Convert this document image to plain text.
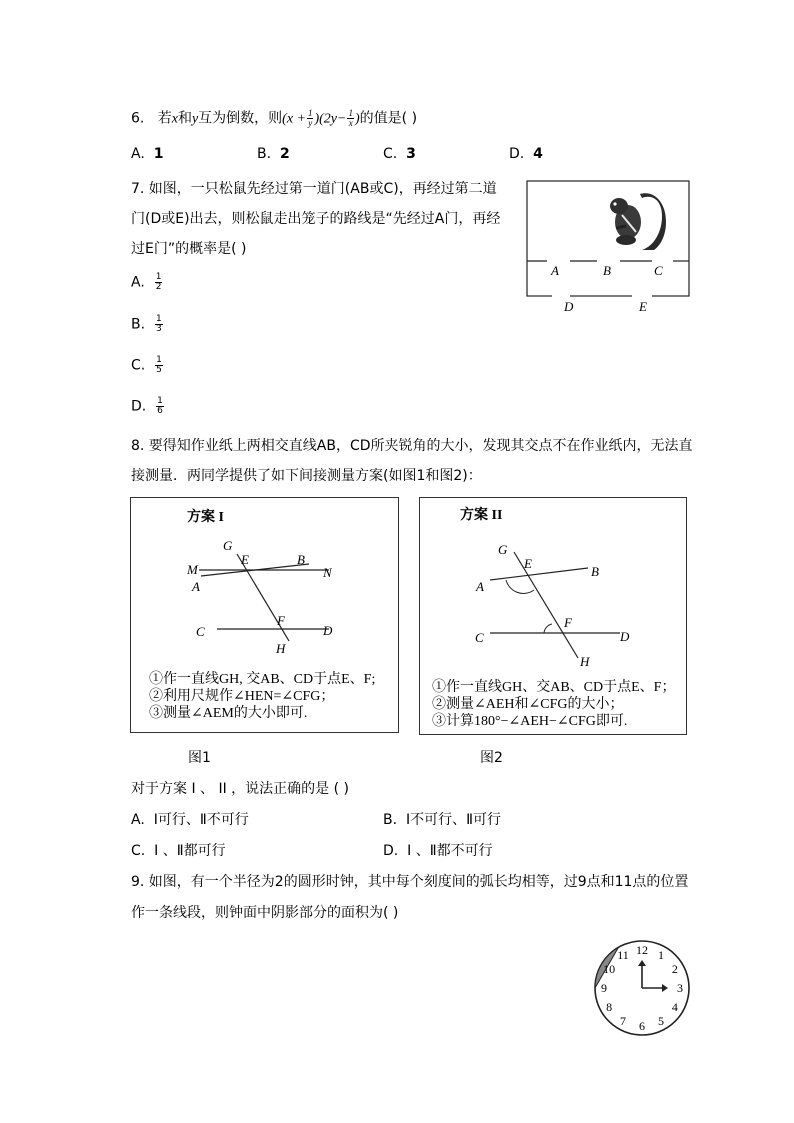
6. 若x和y互为倒数，则$(x + \frac{1}{y} )(2y- \frac{1}{x}$ )的值是( )
A. 1	B. 2	C. 3	D. 4
7. 如图，一只松鼠先经过第一道门(AB或C)，再经过第二道
门(D或E)出去，则松鼠走出笼子的路线是“先经过A门，再经
过E门”的概率是( )
A. $\frac{1}{2}$
B. $\frac{1}{3}$
C. $\frac{1}{5}$
D. $\frac{1}{6}$
A	B	C
D	E
8. 要得知作业纸上两相交直线AB，CD所夹锐角的大小，发现其交点不在作业纸内，无法直
接测量．两同学提供了如下间接测量方案(如图1和图2)：
方案 I
G
E	B
M	N
A
F
C	D
H
①作一直线GH, 交AB、CD于点E、F;
②利用尺规作∠HEN=∠CFG；
③测量∠AEM的大小即可.
方案 II
G
E
B
A
F
C	D
H
①作一直线GH、交AB、CD于点E、F；
②测量∠AEH和∠CFG的大小；
③计算180°−∠AEH−∠CFG即可.
图1	图2
对于方案 I 、 II ，说法正确的是 ( )
A. Ⅰ可行、Ⅱ不可行	B. Ⅰ不可行、Ⅱ可行
C. Ⅰ 、Ⅱ都可行	D. Ⅰ 、Ⅱ都不可行
9. 如图，有一个半径为2的圆形时钟，其中每个刻度间的弧长均相等，过9点和11点的位置
作一条线段，则钟面中阴影部分的面积为( )
12 1
2
3
4
5
6
7
8
9
10
11
